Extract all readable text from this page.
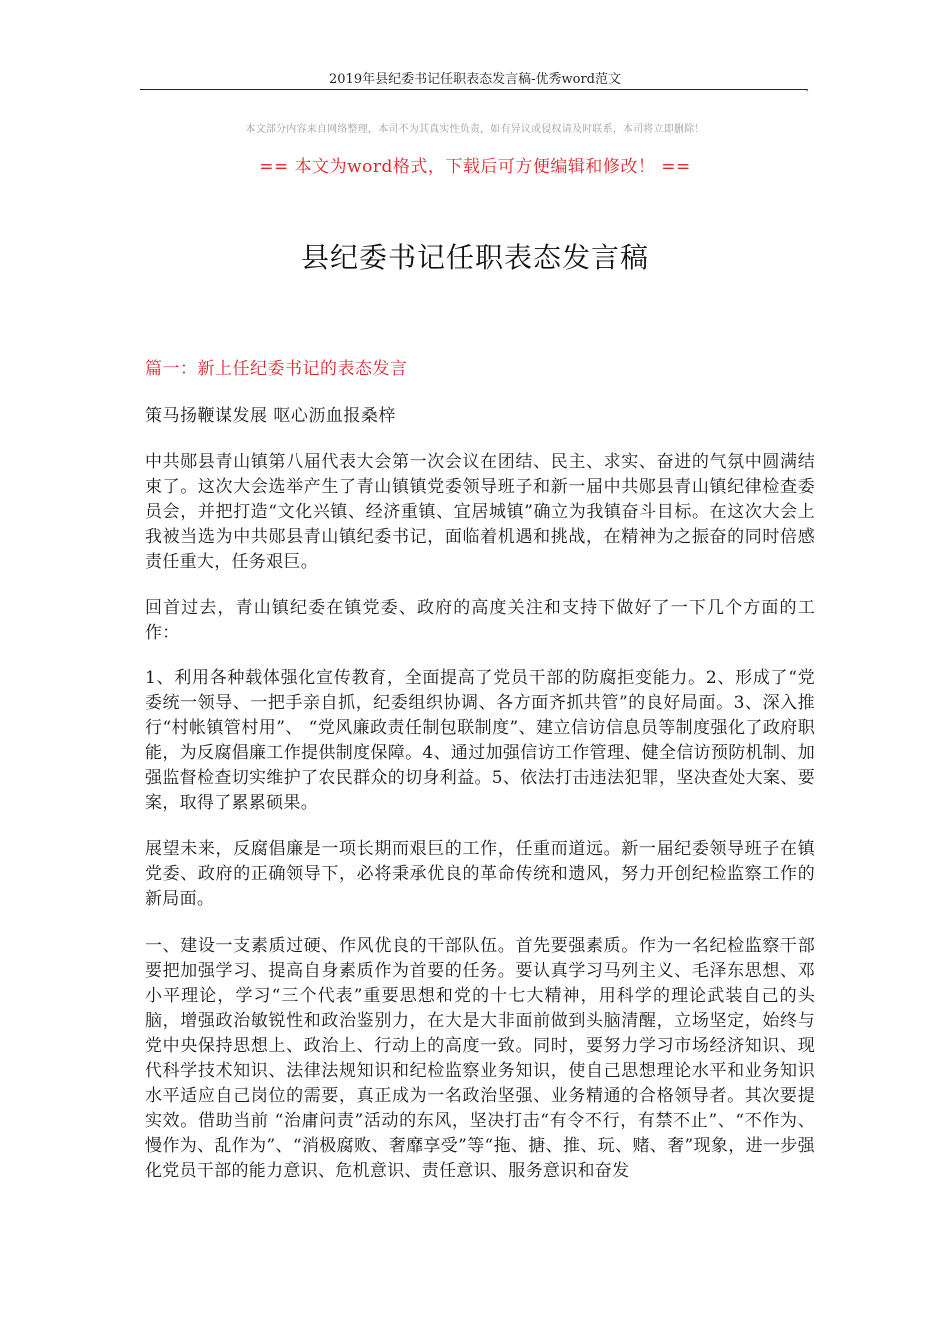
2019年县纪委书记任职表态发言稿-优秀word范文
,
本文部分内容来自网络整理，本司不为其真实性负责，如有异议或侵权请及时联系，本司将立即删除！
== 本文为word格式，下载后可方便编辑和修改！ ==
县纪委书记任职表态发言稿
篇一：新上任纪委书记的表态发言
策马扬鞭谋发展 呕心沥血报桑梓

中共郧县青山镇第八届代表大会第一次会议在团结、民主、求实、奋进的气氛中圆满结束了。这次大会选举产生了青山镇镇党委领导班子和新一届中共郧县青山镇纪律检查委员会，并把打造“文化兴镇、经济重镇、宜居城镇”确立为我镇奋斗目标。在这次大会上我被当选为中共郧县青山镇纪委书记，面临着机遇和挑战，在精神为之振奋的同时倍感责任重大，任务艰巨。

回首过去，青山镇纪委在镇党委、政府的高度关注和支持下做好了一下几个方面的工作：

1、利用各种载体强化宣传教育，全面提高了党员干部的防腐拒变能力。2、形成了“党委统一领导、一把手亲自抓，纪委组织协调、各方面齐抓共管”的良好局面。3、深入推行“村帐镇管村用”、 “党风廉政责任制包联制度”、建立信访信息员等制度强化了政府职能，为反腐倡廉工作提供制度保障。4、通过加强信访工作管理、健全信访预防机制、加强监督检查切实维护了农民群众的切身利益。5、依法打击违法犯罪，坚决查处大案、要案，取得了累累硕果。

展望未来，反腐倡廉是一项长期而艰巨的工作，任重而道远。新一届纪委领导班子在镇党委、政府的正确领导下，必将秉承优良的革命传统和遗风，努力开创纪检监察工作的新局面。

一、建设一支素质过硬、作风优良的干部队伍。首先要强素质。作为一名纪检监察干部要把加强学习、提高自身素质作为首要的任务。要认真学习马列主义、毛泽东思想、邓小平理论，学习“三个代表”重要思想和党的十七大精神，用科学的理论武装自己的头脑，增强政治敏锐性和政治鉴别力，在大是大非面前做到头脑清醒，立场坚定，始终与党中央保持思想上、政治上、行动上的高度一致。同时，要努力学习市场经济知识、现代科学技术知识、法律法规知识和纪检监察业务知识，使自己思想理论水平和业务知识水平适应自己岗位的需要，真正成为一名政治坚强、业务精通的合格领导者。其次要提实效。借助当前 “治庸问责”活动的东风，坚决打击“有令不行，有禁不止”、“不作为、慢作为、乱作为”、“消极腐败、奢靡享受”等“拖、搪、推、玩、赌、奢”现象，进一步强化党员干部的能力意识、危机意识、责任意识、服务意识和奋发
